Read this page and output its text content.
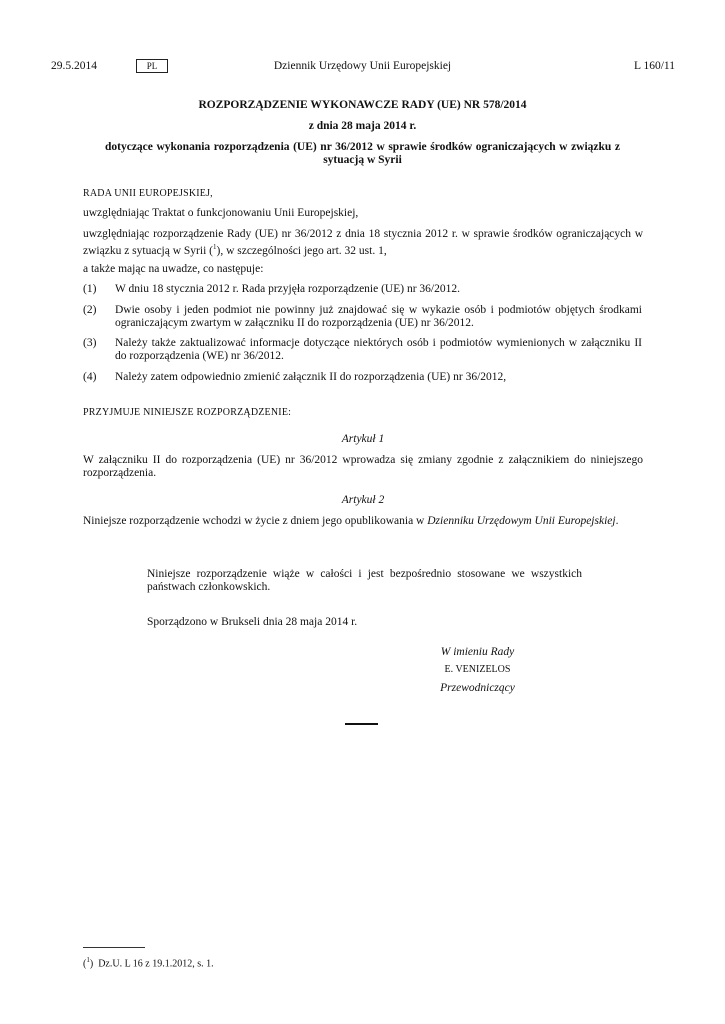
29.5.2014	PL	Dziennik Urzędowy Unii Europejskiej	L 160/11
ROZPORZĄDZENIE WYKONAWCZE RADY (UE) NR 578/2014
z dnia 28 maja 2014 r.
dotyczące wykonania rozporządzenia (UE) nr 36/2012 w sprawie środków ograniczających w związku z sytuacją w Syrii
RADA UNII EUROPEJSKIEJ,
uwzględniając Traktat o funkcjonowaniu Unii Europejskiej,
uwzględniając rozporządzenie Rady (UE) nr 36/2012 z dnia 18 stycznia 2012 r. w sprawie środków ograniczających w związku z sytuacją w Syrii ($^1$), w szczególności jego art. 32 ust. 1,
a także mając na uwadze, co następuje:
(1) W dniu 18 stycznia 2012 r. Rada przyjęła rozporządzenie (UE) nr 36/2012.
(2) Dwie osoby i jeden podmiot nie powinny już znajdować się w wykazie osób i podmiotów objętych środkami ograniczającym zwartym w załączniku II do rozporządzenia (UE) nr 36/2012.
(3) Należy także zaktualizować informacje dotyczące niektórych osób i podmiotów wymienionych w załączniku II do rozporządzenia (WE) nr 36/2012.
(4) Należy zatem odpowiednio zmienić załącznik II do rozporządzenia (UE) nr 36/2012,
PRZYJMUJE NINIEJSZE ROZPORZĄDZENIE:
Artykuł 1
W załączniku II do rozporządzenia (UE) nr 36/2012 wprowadza się zmiany zgodnie z załącznikiem do niniejszego rozporządzenia.
Artykuł 2
Niniejsze rozporządzenie wchodzi w życie z dniem jego opublikowania w Dzienniku Urzędowym Unii Europejskiej.
Niniejsze rozporządzenie wiąże w całości i jest bezpośrednio stosowane we wszystkich państwach członkowskich.
Sporządzono w Brukseli dnia 28 maja 2014 r.
W imieniu Rady
E. VENIZELOS
Przewodniczący
($^1$)  Dz.U. L 16 z 19.1.2012, s. 1.
